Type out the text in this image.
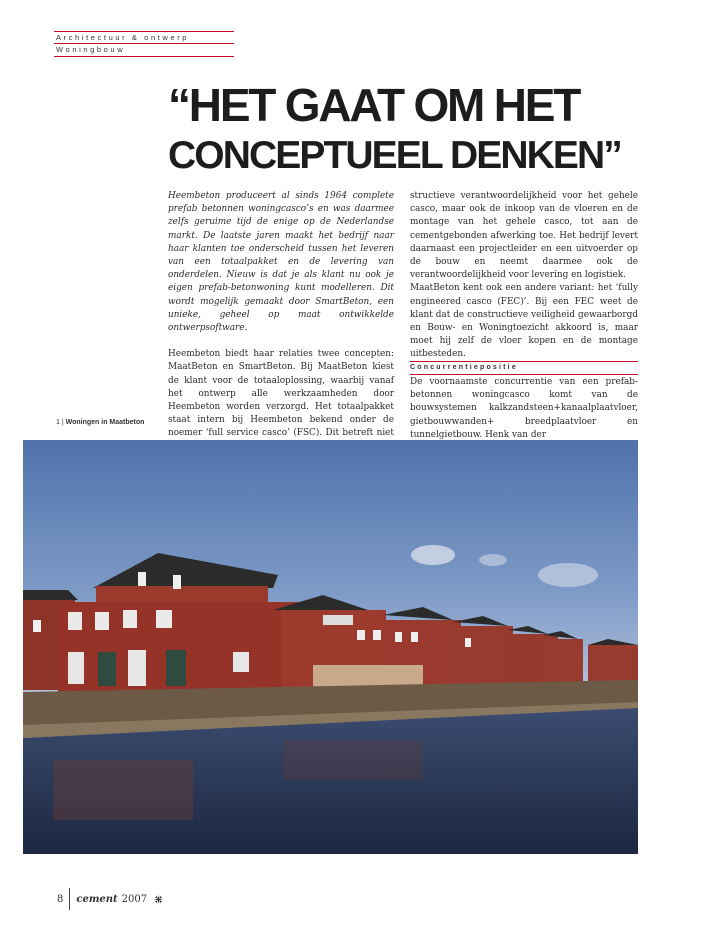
Architectuur & ontwerp
Woningbouw
“HET GAAT OM HET
CONCEPTUEEL DENKEN”

Heembeton produceert al sinds 1964 complete prefab betonnen woningcasco’s en was daarmee zelfs geruime tijd de enige op de Nederlandse markt. De laatste jaren maakt het bedrijf naar haar klanten toe onderscheid tussen het leveren van een totaalpakket en de levering van onderdelen. Nieuw is dat je als klant nu ook je eigen prefab-betonwoning kunt modelleren. Dit wordt mogelijk gemaakt door SmartBeton, een unieke, geheel op maat ontwikkelde ontwerpsoftware.

Heembeton biedt haar relaties twee concepten: MaatBeton en SmartBeton. Bij MaatBeton kiest de klant voor de totaaloplossing, waarbij vanaf het ontwerp alle werkzaamheden door Heembeton worden verzorgd. Het totaalpakket staat intern bij Heembeton bekend onder de noemer ‘full service casco’ (FSC). Dit betreft niet

structieve verantwoordelijkheid voor het gehele casco, maar ook de inkoop van de vloeren en de montage van het gehele casco, tot aan de cementgebonden afwerking toe. Het bedrijf levert daarnaast een projectleider en een uitvoerder op de bouw en neemt daarmee ook de verantwoordelijkheid voor levering en logistiek.

MaatBeton kent ook een andere variant: het ‘fully engineered casco (FEC)’. Bij een FEC weet de klant dat de constructieve veiligheid gewaarborgd en Bouw- en Woningtoezicht akkoord is, maar moet hij zelf de vloer kopen en de montage uitbesteden.

Concurrentiepositie

De voornaamste concurrentie van een prefab-betonnen woningcasco komt van de bouwsystemen kalkzandsteen+kanaalplaatvloer, gietbouwwanden+ breedplaatvloer en tunnelgietbouw. Henk van der

1 | Woningen in Maatbeton
8 cement 2007
